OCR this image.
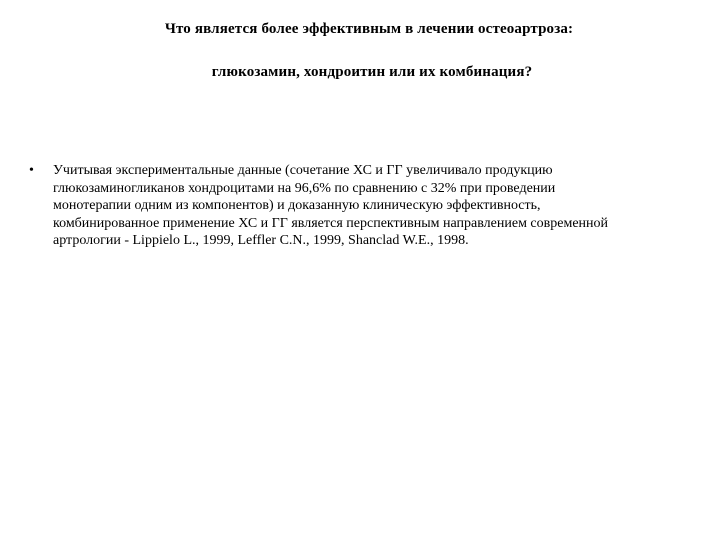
Что является более эффективным в лечении остеоартроза:
глюкозамин, хондроитин или их комбинация?
• Учитывая экспериментальные данные (сочетание ХС и ГГ увеличивало продукцию
глюкозаминогликанов хондроцитами на 96,6% по сравнению с 32% при проведении
монотерапии одним из компонентов) и доказанную клиническую эффективность,
комбинированное применение ХС и ГГ является перспективным направлением современной
артрологии - Lippielo L., 1999, Leffler C.N., 1999, Shanclad W.E., 1998.
